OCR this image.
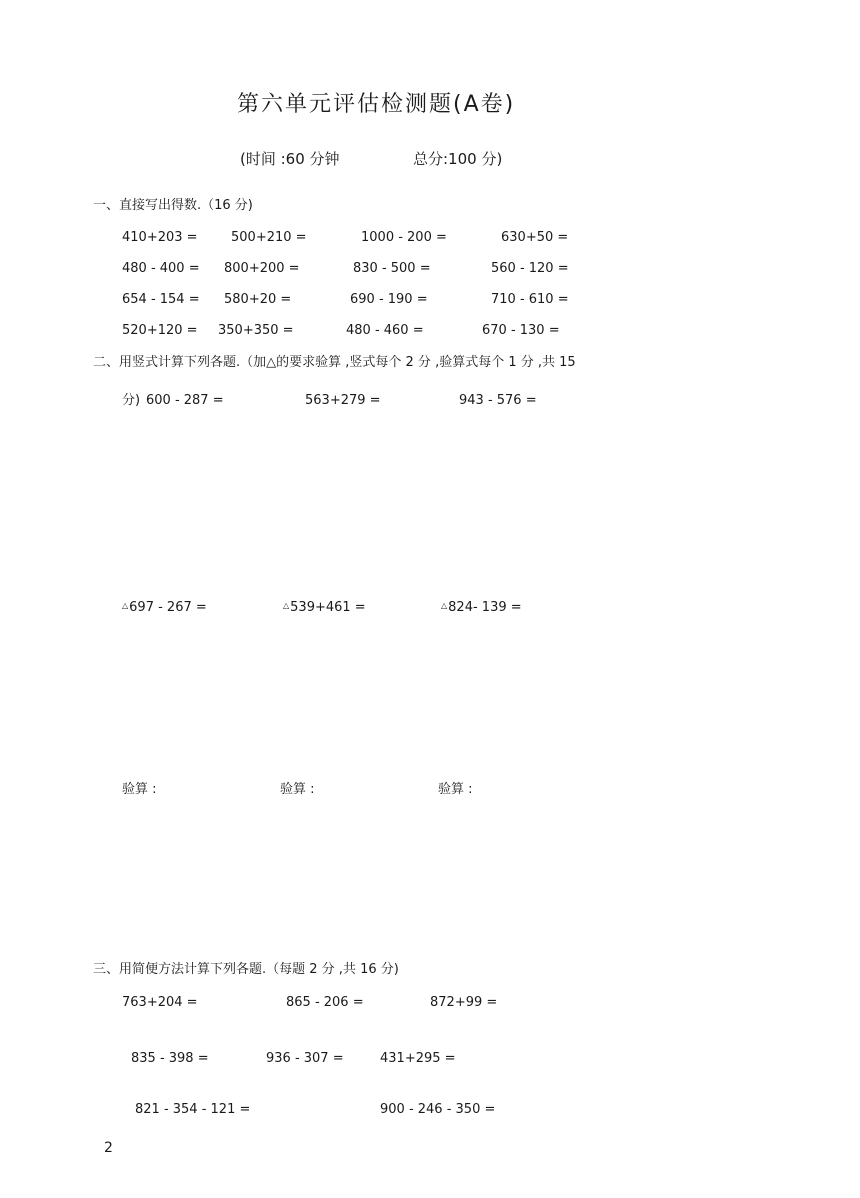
第六单元评估检测题(A卷)
(时间 :60 分钟	总分:100 分)
一、直接写出得数.（16 分)
410+203 =	500+210 =	1000 - 200 =	630+50 =
480 - 400 = 800+200 =	830 - 500 =	560 - 120 =
654 - 154 = 580+20 =	690 - 190 =	710 - 610 =
520+120 = 350+350 =	480 - 460 =	670 - 130 =
二、用竖式计算下列各题.（加△的要求验算 ,竖式每个 2 分 ,验算式每个 1 分 ,共 15
分) 600 - 287 =	563+279 =	943 - 576 =
△697 - 267 =	△539+461 =	△824- 139 =
验算 :	验算 :	验算 :
三、用简便方法计算下列各题.（每题 2 分 ,共 16 分)
763+204 =	865 - 206 =	872+99 =
835 - 398 =	936 - 307 =	431+295 =
821 - 354 - 121 =	900 - 246 - 350 =
2
